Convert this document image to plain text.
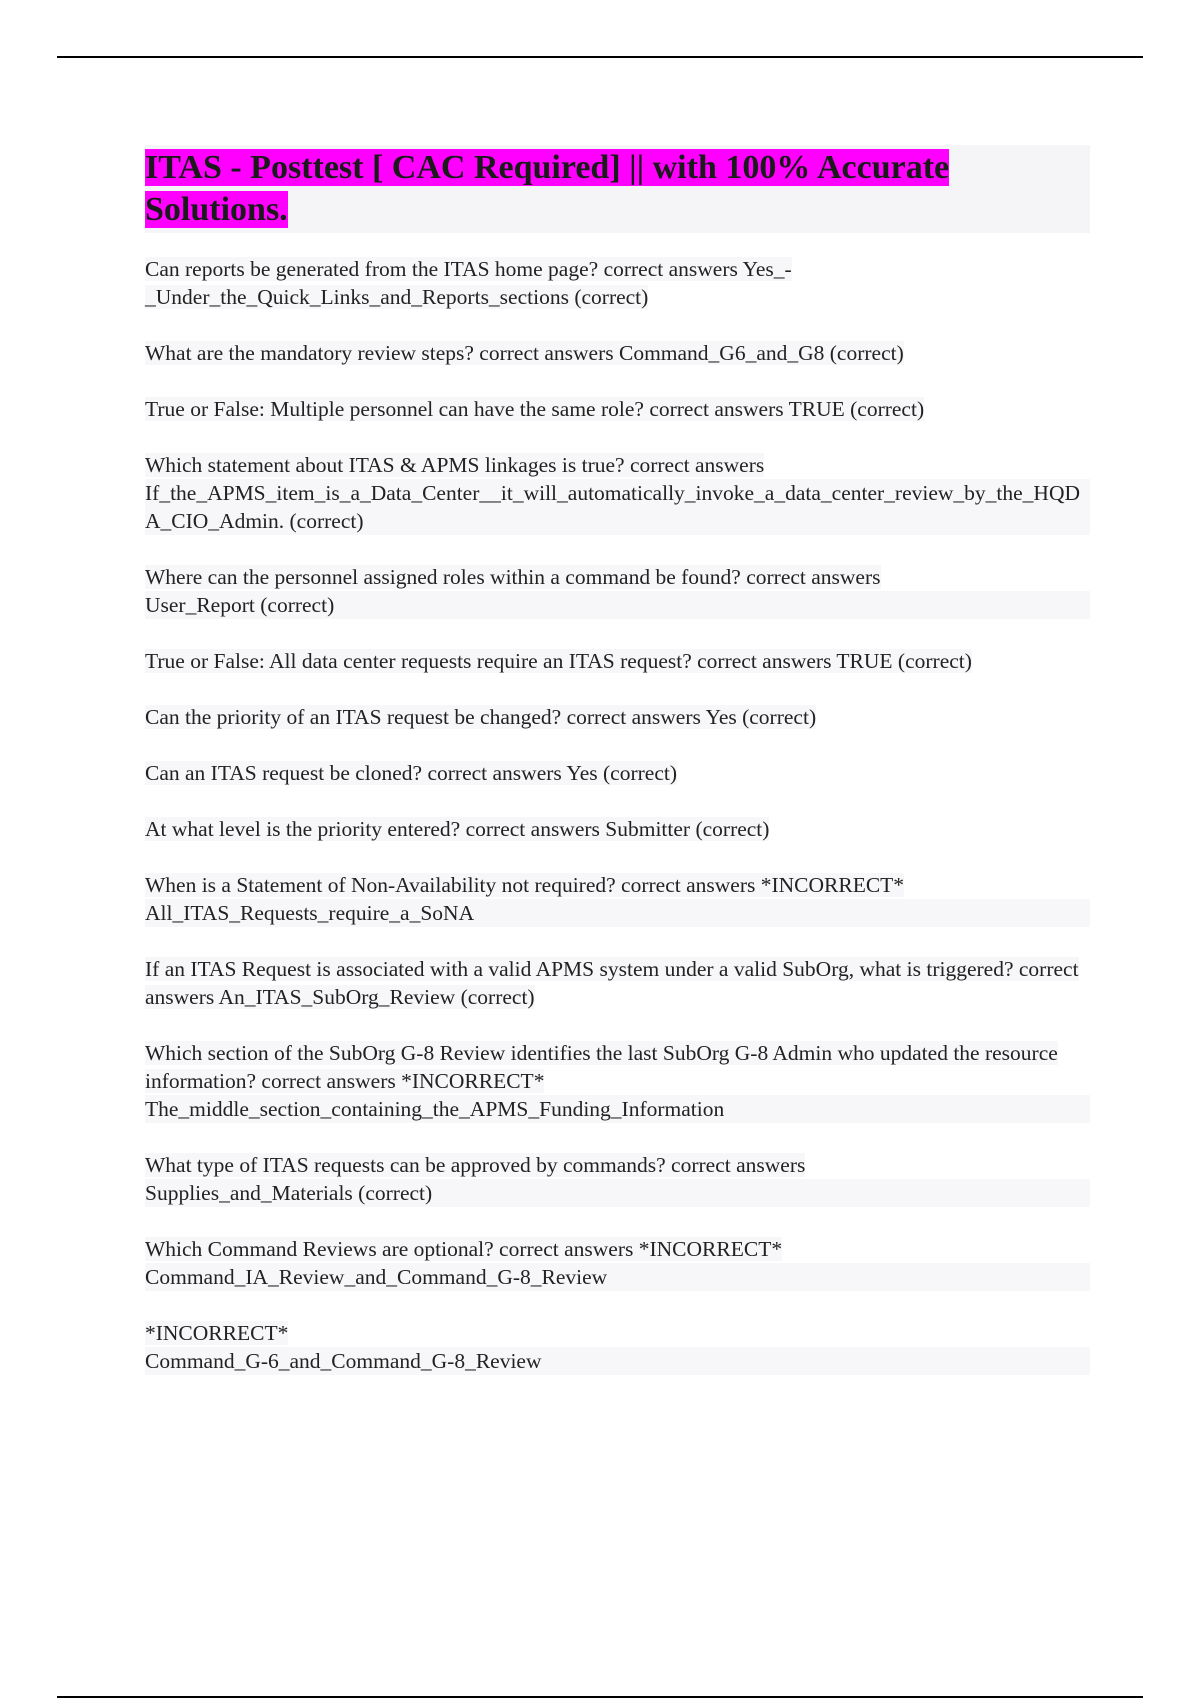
ITAS - Posttest [ CAC Required] || with 100% Accurate Solutions.

Can reports be generated from the ITAS home page? correct answers Yes_-_Under_the_Quick_Links_and_Reports_sections (correct)

What are the mandatory review steps? correct answers Command_G6_and_G8 (correct)

True or False: Multiple personnel can have the same role? correct answers TRUE (correct)

Which statement about ITAS & APMS linkages is true? correct answers
If_the_APMS_item_is_a_Data_Center__it_will_automatically_invoke_a_data_center_review_by_the_HQDA_CIO_Admin. (correct)

Where can the personnel assigned roles within a command be found? correct answers
User_Report (correct)

True or False: All data center requests require an ITAS request? correct answers TRUE (correct)

Can the priority of an ITAS request be changed? correct answers Yes (correct)

Can an ITAS request be cloned? correct answers Yes (correct)

At what level is the priority entered? correct answers Submitter (correct)

When is a Statement of Non-Availability not required? correct answers *INCORRECT*
All_ITAS_Requests_require_a_SoNA

If an ITAS Request is associated with a valid APMS system under a valid SubOrg, what is triggered? correct answers An_ITAS_SubOrg_Review (correct)

Which section of the SubOrg G-8 Review identifies the last SubOrg G-8 Admin who updated the resource information? correct answers *INCORRECT*
The_middle_section_containing_the_APMS_Funding_Information

What type of ITAS requests can be approved by commands? correct answers
Supplies_and_Materials (correct)

Which Command Reviews are optional? correct answers *INCORRECT*
Command_IA_Review_and_Command_G-8_Review

*INCORRECT*
Command_G-6_and_Command_G-8_Review
